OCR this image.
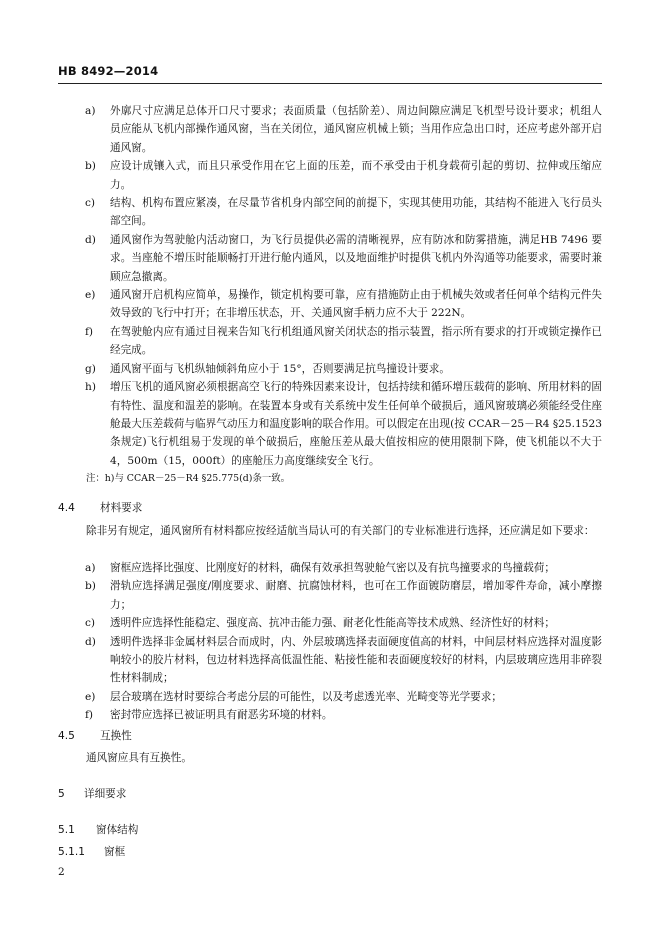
HB 8492—2014
a) 外廓尺寸应满足总体开口尺寸要求；表面质量（包括阶差）、周边间隙应满足飞机型号设计要求；机组人员应能从飞机内部操作通风窗，当在关闭位，通风窗应机械上锁；当用作应急出口时，还应考虑外部开启通风窗。
b) 应设计成镶入式，而且只承受作用在它上面的压差，而不承受由于机身载荷引起的剪切、拉伸或压缩应力。
c) 结构、机构布置应紧凑，在尽量节省机身内部空间的前提下，实现其使用功能，其结构不能进入飞行员头部空间。
d) 通风窗作为驾驶舱内活动窗口，为飞行员提供必需的清晰视界，应有防冰和防雾措施，满足HB 7496 要求。当座舱不增压时能顺畅打开进行舱内通风，以及地面维护时提供飞机内外沟通等功能要求，需要时兼顾应急撤离。
e) 通风窗开启机构应简单，易操作，锁定机构要可靠，应有措施防止由于机械失效或者任何单个结构元件失效导致的飞行中打开；在非增压状态，开、关通风窗手柄力应不大于 222N。
f) 在驾驶舱内应有通过目视来告知飞行机组通风窗关闭状态的指示装置，指示所有要求的打开或锁定操作已经完成。
g) 通风窗平面与飞机纵轴倾斜角应小于 15°，否则要满足抗鸟撞设计要求。
h) 增压飞机的通风窗必须根据高空飞行的特殊因素来设计，包括持续和循环增压载荷的影响、所用材料的固有特性、温度和温差的影响。在装置本身或有关系统中发生任何单个破损后，通风窗玻璃必须能经受住座舱最大压差载荷与临界气动压力和温度影响的联合作用。可以假定在出现(按 CCAR－25－R4 §25.1523 条规定)飞行机组易于发现的单个破损后，座舱压差从最大值按相应的使用限制下降，使飞机能以不大于 4，500m（15，000ft）的座舱压力高度继续安全飞行。
注：h)与 CCAR－25－R4 §25.775(d)条一致。
4.4 材料要求
除非另有规定，通风窗所有材料都应按经适航当局认可的有关部门的专业标准进行选择，还应满足如下要求：
a) 窗框应选择比强度、比刚度好的材料，确保有效承担驾驶舱气密以及有抗鸟撞要求的鸟撞载荷；
b) 滑轨应选择满足强度/刚度要求、耐磨、抗腐蚀材料，也可在工作面镀防磨层，增加零件寿命，减小摩擦力；
c) 透明件应选择性能稳定、强度高、抗冲击能力强、耐老化性能高等技术成熟、经济性好的材料；
d) 透明件选择非金属材料层合而成时，内、外层玻璃选择表面硬度值高的材料，中间层材料应选择对温度影响较小的胶片材料，包边材料选择高低温性能、粘接性能和表面硬度较好的材料，内层玻璃应选用非碎裂性材料制成；
e) 层合玻璃在选材时要综合考虑分层的可能性，以及考虑透光率、光畸变等光学要求；
f) 密封带应选择已被证明具有耐恶劣环境的材料。
4.5 互换性
通风窗应具有互换性。
5 详细要求
5.1 窗体结构
5.1.1 窗框
2
